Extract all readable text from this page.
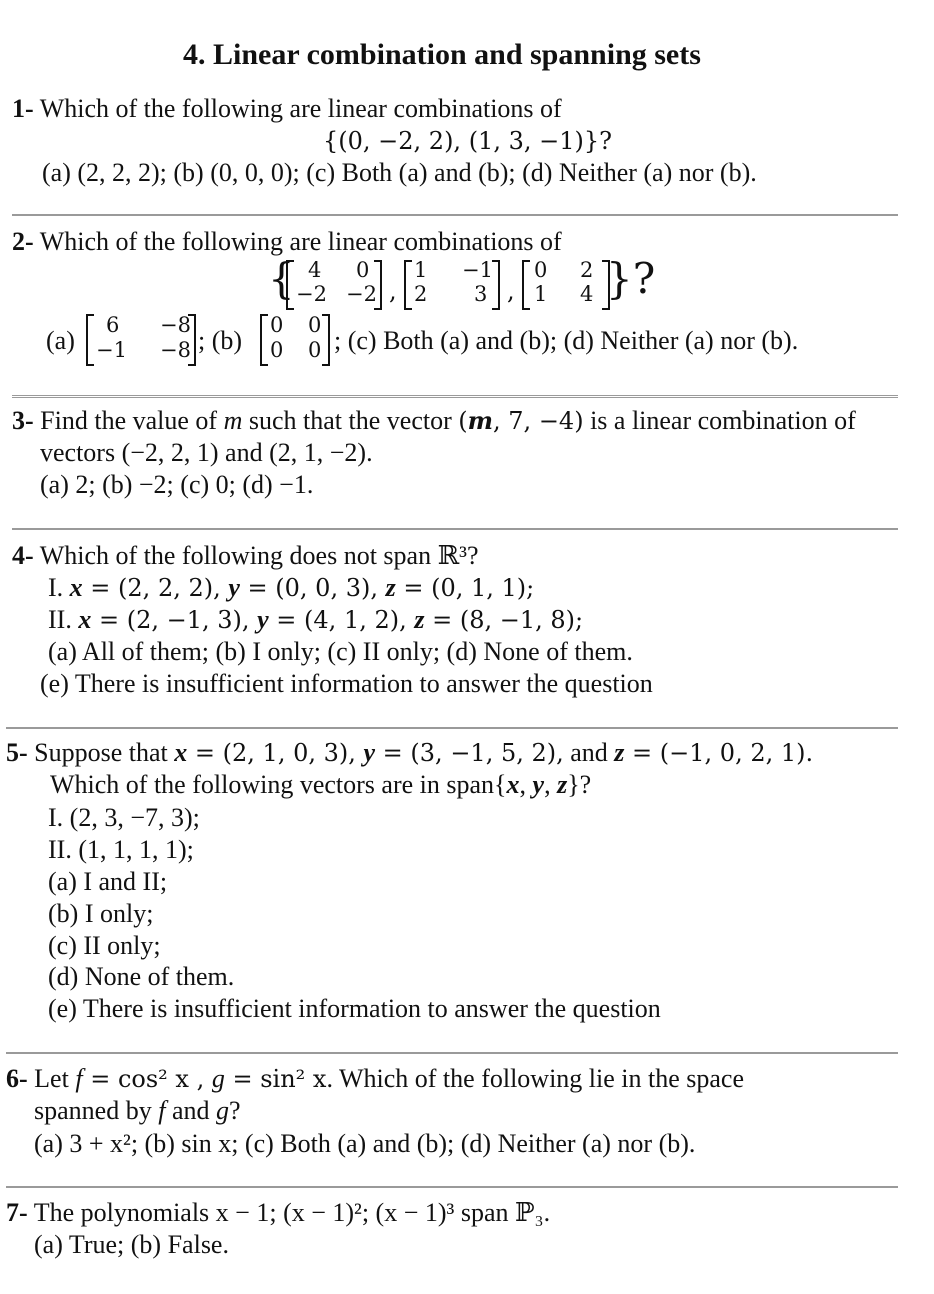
4. Linear combination and spanning sets
1- Which of the following are linear combinations of
{(0, −2, 2), (1, 3, −1)}?
(a) (2, 2, 2); (b) (0, 0, 0); (c) Both (a) and (b); (d) Neither (a) nor (b).
2- Which of the following are linear combinations of
{ 4 0
−2 −2 ,
1 −1
2 3 ,
0 2
1 4 }?
(a)
6 −8
−1 −8 ; (b)
0 0
0 0 ; (c) Both (a) and (b); (d) Neither (a) nor (b).
3- Find the value of m such that the vector (m, 7, −4) is a linear combination of
vectors (−2, 2, 1) and (2, 1, −2).
(a) 2; (b) −2; (c) 0; (d) −1.
4- Which of the following does not span ℝ³?
I. x = (2, 2, 2), y = (0, 0, 3), z = (0, 1, 1);
II. x = (2, −1, 3), y = (4, 1, 2), z = (8, −1, 8);
(a) All of them; (b) I only; (c) II only; (d) None of them.
(e) There is insufficient information to answer the question
5- Suppose that x = (2, 1, 0, 3), y = (3, −1, 5, 2), and z = (−1, 0, 2, 1).
Which of the following vectors are in span{x, y, z}?
I. (2, 3, −7, 3);
II. (1, 1, 1, 1);
(a) I and II;
(b) I only;
(c) II only;
(d) None of them.
(e) There is insufficient information to answer the question
6- Let f = cos² x , g = sin² x. Which of the following lie in the space
spanned by f and g?
(a) 3 + x²; (b) sin x; (c) Both (a) and (b); (d) Neither (a) nor (b).
7- The polynomials x − 1; (x − 1)²; (x − 1)³ span ℙ₃.
(a) True; (b) False.
